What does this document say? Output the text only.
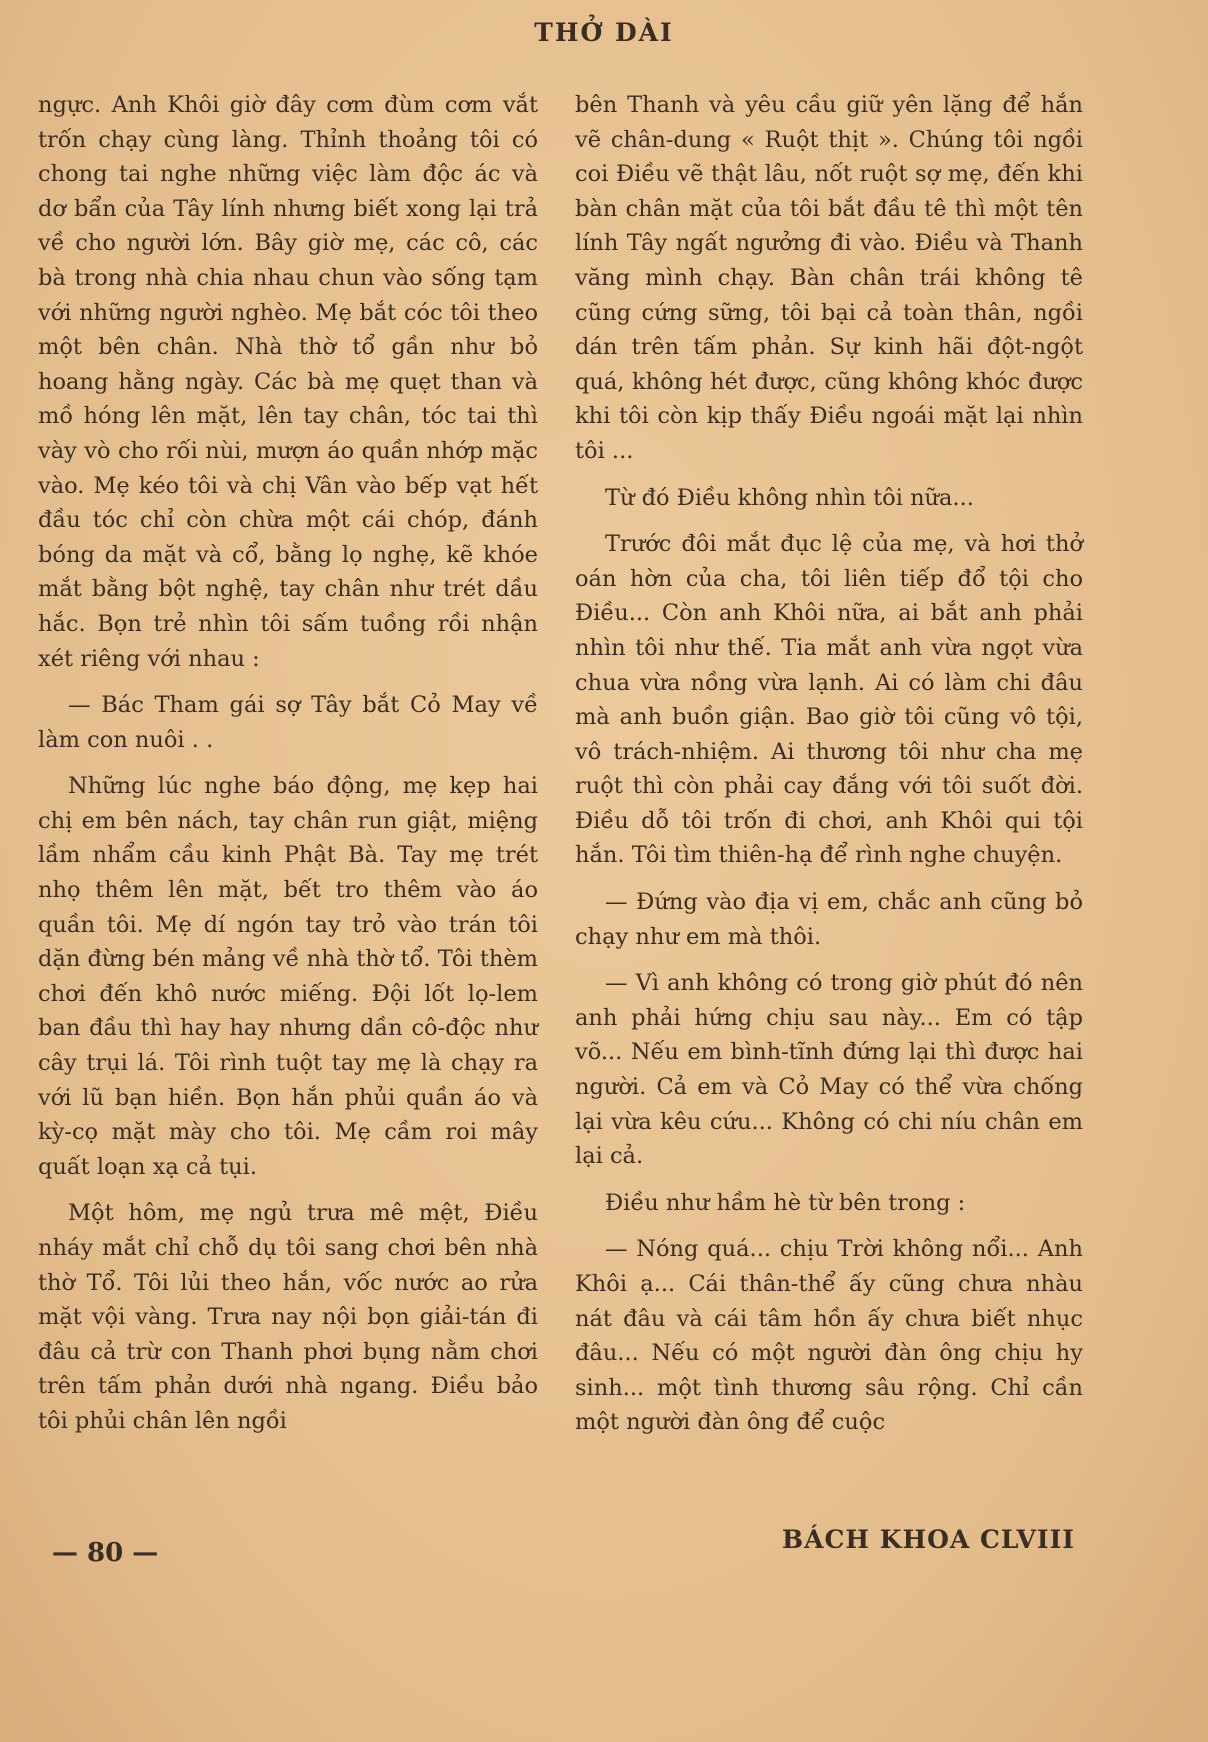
THỞ DÀI

ngực. Anh Khôi giờ đây cơm đùm cơm vắt trốn chạy cùng làng. Thỉnh thoảng tôi có chong tai nghe những việc làm độc ác và dơ bẩn của Tây lính nhưng biết xong lại trả về cho người lớn. Bây giờ mẹ, các cô, các bà trong nhà chia nhau chun vào sống tạm với những người nghèo. Mẹ bắt cóc tôi theo một bên chân. Nhà thờ tổ gần như bỏ hoang hằng ngày. Các bà mẹ quẹt than và mồ hóng lên mặt, lên tay chân, tóc tai thì vày vò cho rối nùi, mượn áo quần nhớp mặc vào. Mẹ kéo tôi và chị Vân vào bếp vạt hết đầu tóc chỉ còn chừa một cái chóp, đánh bóng da mặt và cổ, bằng lọ nghẹ, kẽ khóe mắt bằng bột nghệ, tay chân như trét dầu hắc. Bọn trẻ nhìn tôi sấm tuồng rồi nhận xét riêng với nhau :

— Bác Tham gái sợ Tây bắt Cỏ May về làm con nuôi . .

Những lúc nghe báo động, mẹ kẹp hai chị em bên nách, tay chân run giật, miệng lầm nhẩm cầu kinh Phật Bà. Tay mẹ trét nhọ thêm lên mặt, bết tro thêm vào áo quần tôi. Mẹ dí ngón tay trỏ vào trán tôi dặn đừng bén mảng về nhà thờ tổ. Tôi thèm chơi đến khô nước miếng. Đội lốt lọ-lem ban đầu thì hay hay nhưng dần cô-độc như cây trụi lá. Tôi rình tuột tay mẹ là chạy ra với lũ bạn hiền. Bọn hắn phủi quần áo và kỳ-cọ mặt mày cho tôi. Mẹ cầm roi mây quất loạn xạ cả tụi.

Một hôm, mẹ ngủ trưa mê mệt, Điều nháy mắt chỉ chỗ dụ tôi sang chơi bên nhà thờ Tổ. Tôi lủi theo hắn, vốc nước ao rửa mặt vội vàng. Trưa nay nội bọn giải-tán đi đâu cả trừ con Thanh phơi bụng nằm chơi trên tấm phản dưới nhà ngang. Điều bảo tôi phủi chân lên ngồi

bên Thanh và yêu cầu giữ yên lặng để hắn vẽ chân-dung « Ruột thịt ». Chúng tôi ngồi coi Điều vẽ thật lâu, nốt ruột sợ mẹ, đến khi bàn chân mặt của tôi bắt đầu tê thì một tên lính Tây ngất ngưởng đi vào. Điều và Thanh văng mình chạy. Bàn chân trái không tê cũng cứng sững, tôi bại cả toàn thân, ngồi dán trên tấm phản. Sự kinh hãi đột-ngột quá, không hét được, cũng không khóc được khi tôi còn kịp thấy Điều ngoái mặt lại nhìn tôi ...

Từ đó Điều không nhìn tôi nữa...

Trước đôi mắt đục lệ của mẹ, và hơi thở oán hờn của cha, tôi liên tiếp đổ tội cho Điều... Còn anh Khôi nữa, ai bắt anh phải nhìn tôi như thế. Tia mắt anh vừa ngọt vừa chua vừa nồng vừa lạnh. Ai có làm chi đâu mà anh buồn giận. Bao giờ tôi cũng vô tội, vô trách-nhiệm. Ai thương tôi như cha mẹ ruột thì còn phải cay đắng với tôi suốt đời. Điều dỗ tôi trốn đi chơi, anh Khôi qui tội hắn. Tôi tìm thiên-hạ để rình nghe chuyện.

— Đứng vào địa vị em, chắc anh cũng bỏ chạy như em mà thôi.

— Vì anh không có trong giờ phút đó nên anh phải hứng chịu sau này... Em có tập võ... Nếu em bình-tĩnh đứng lại thì được hai người. Cả em và Cỏ May có thể vừa chống lại vừa kêu cứu... Không có chi níu chân em lại cả.

Điều như hầm hè từ bên trong :

— Nóng quá... chịu Trời không nổi... Anh Khôi ạ... Cái thân-thể ấy cũng chưa nhàu nát đâu và cái tâm hồn ấy chưa biết nhục đâu... Nếu có một người đàn ông chịu hy sinh... một tình thương sâu rộng. Chỉ cần một người đàn ông để cuộc

— 80 —	BÁCH KHOA CLVIII
